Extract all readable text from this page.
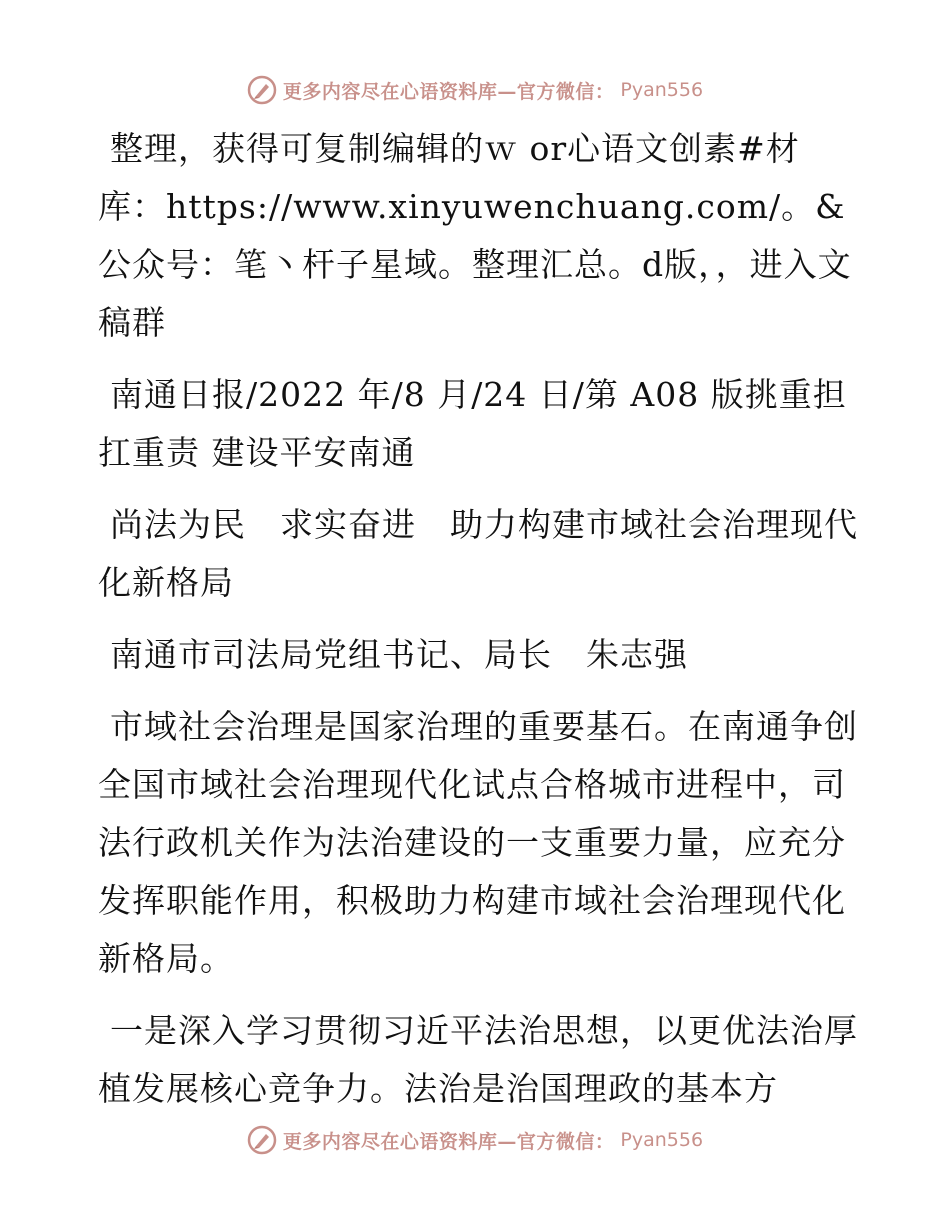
更多内容尽在心语资料库—官方微信： Pyan556

整理，获得可复制编辑的ｗ or心语文创素#材库：https://www.xinyuwenchuang.com/。&公众号：笔丶杆子星域。整理汇总。d版，，进入文稿群

南通日报/2022 年/8 月/24 日/第 A08 版挑重担扛重责 建设平安南通

尚法为民　求实奋进　助力构建市域社会治理现代化新格局

南通市司法局党组书记、局长　朱志强

市域社会治理是国家治理的重要基石。在南通争创全国市域社会治理现代化试点合格城市进程中，司法行政机关作为法治建设的一支重要力量，应充分发挥职能作用，积极助力构建市域社会治理现代化新格局。

一是深入学习贯彻习近平法治思想，以更优法治厚植发展核心竞争力。法治是治国理政的基本方

更多内容尽在心语资料库—官方微信： Pyan556
